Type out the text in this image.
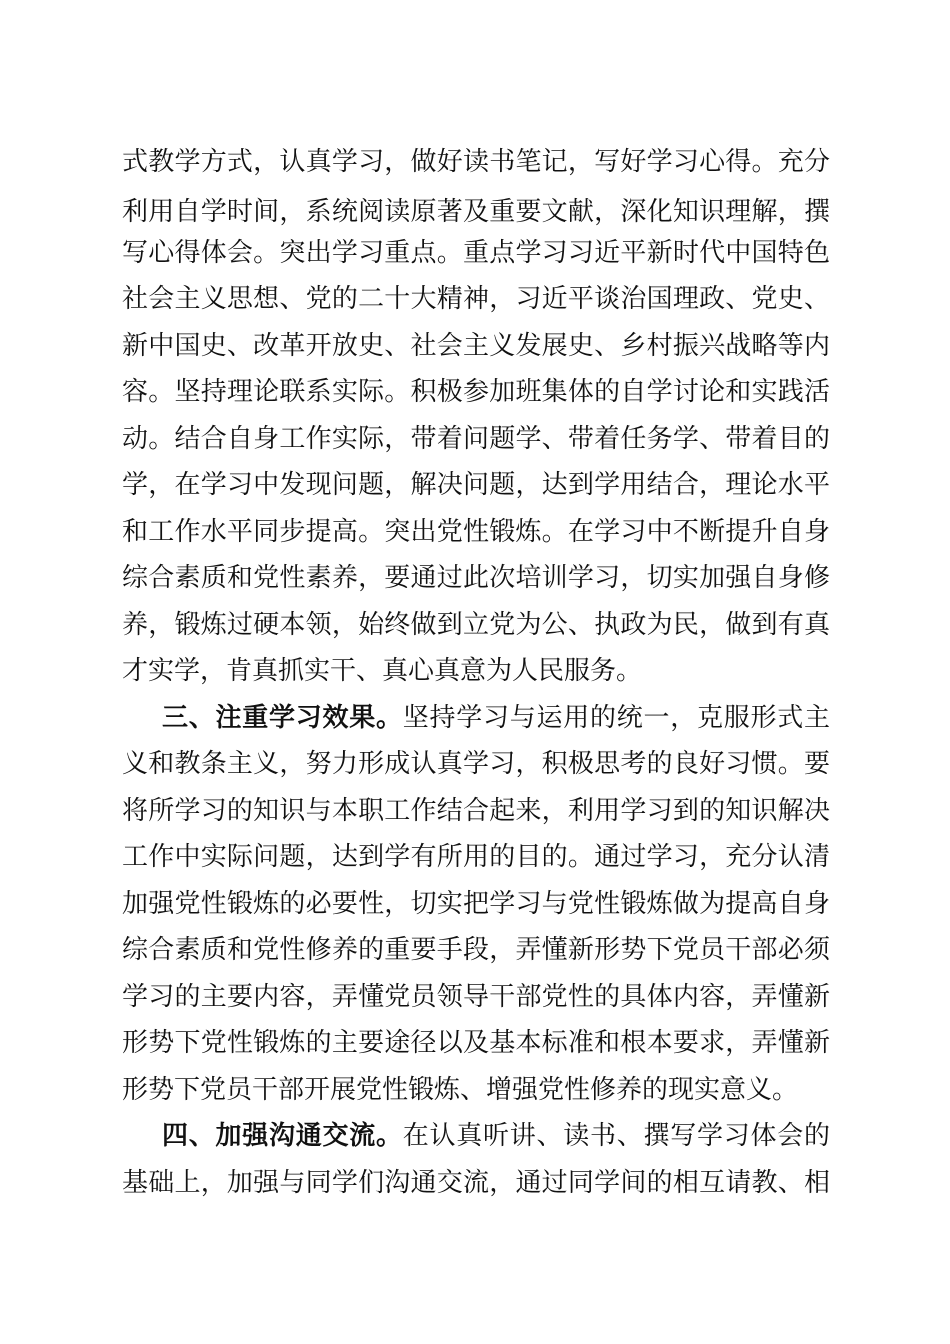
式教学方式，认真学习，做好读书笔记，写好学习心得。充分
利用自学时间，系统阅读原著及重要文献，深化知识理解，撰
写心得体会。突出学习重点。重点学习习近平新时代中国特色
社会主义思想、党的二十大精神，习近平谈治国理政、党史、
新中国史、改革开放史、社会主义发展史、乡村振兴战略等内
容。坚持理论联系实际。积极参加班集体的自学讨论和实践活
动。结合自身工作实际，带着问题学、带着任务学、带着目的
学，在学习中发现问题，解决问题，达到学用结合，理论水平
和工作水平同步提高。突出党性锻炼。在学习中不断提升自身
综合素质和党性素养，要通过此次培训学习，切实加强自身修
养，锻炼过硬本领，始终做到立党为公、执政为民，做到有真
才实学，肯真抓实干、真心真意为人民服务。
三、注重学习效果。坚持学习与运用的统一，克服形式主
义和教条主义，努力形成认真学习，积极思考的良好习惯。要
将所学习的知识与本职工作结合起来，利用学习到的知识解决
工作中实际问题，达到学有所用的目的。通过学习，充分认清
加强党性锻炼的必要性，切实把学习与党性锻炼做为提高自身
综合素质和党性修养的重要手段，弄懂新形势下党员干部必须
学习的主要内容，弄懂党员领导干部党性的具体内容，弄懂新
形势下党性锻炼的主要途径以及基本标准和根本要求，弄懂新
形势下党员干部开展党性锻炼、增强党性修养的现实意义。
四、加强沟通交流。在认真听讲、读书、撰写学习体会的
基础上，加强与同学们沟通交流，通过同学间的相互请教、相
